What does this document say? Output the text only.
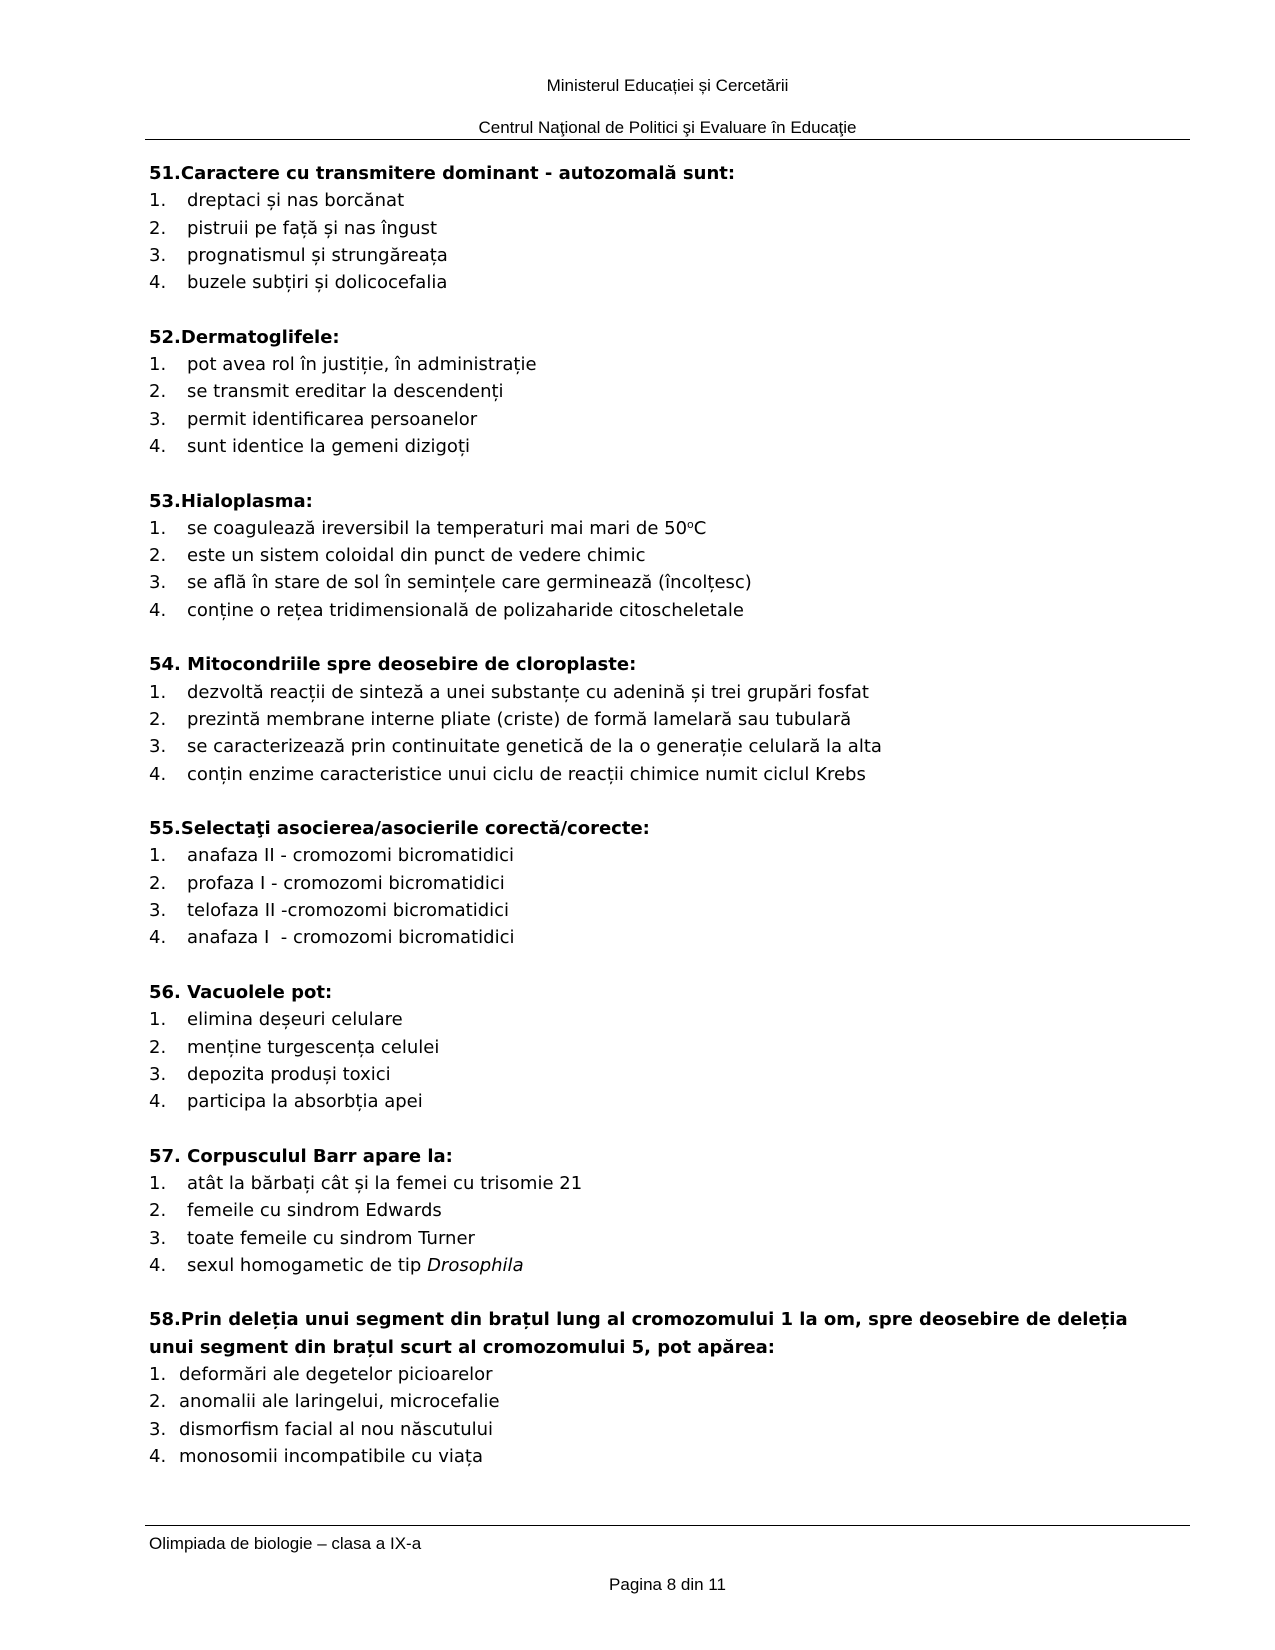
Ministerul Educației și Cercetării
Centrul Naţional de Politici şi Evaluare în Educaţie
51.Caractere cu transmitere dominant - autozomală sunt:
1.	dreptaci și nas borcănat
2.	pistruii pe față și nas îngust
3.	prognatismul și strungăreața
4.	buzele subțiri și dolicocefalia
52.Dermatoglifele:
1.	pot avea rol în justiție, în administrație
2.	se transmit ereditar la descendenți
3.	permit identificarea persoanelor
4.	sunt identice la gemeni dizigoți
53.Hialoplasma:
1.	se coagulează ireversibil la temperaturi mai mari de 50$^o$C
2.	este un sistem coloidal din punct de vedere chimic
3.	se află în stare de sol în semințele care germinează (încolțesc)
4.	conține o rețea tridimensională de polizaharide citoscheletale
54. Mitocondriile spre deosebire de cloroplaste:
1.	dezvoltă reacții de sinteză a unei substanțe cu adenină și trei grupări fosfat
2.	prezintă membrane interne pliate (criste) de formă lamelară sau tubulară
3.	se caracterizează prin continuitate genetică de la o generație celulară la alta
4.	conțin enzime caracteristice unui ciclu de reacții chimice numit ciclul Krebs
55.Selectaţi asocierea/asocierile corectă/corecte:
1.	anafaza II - cromozomi bicromatidici
2.	profaza I - cromozomi bicromatidici
3.	telofaza II -cromozomi bicromatidici
4.	anafaza I  - cromozomi bicromatidici
56. Vacuolele pot:
1.	elimina deșeuri celulare
2.	menține turgescența celulei
3.	depozita produși toxici
4.	participa la absorbția apei
57. Corpusculul Barr apare la:
1.	atât la bărbați cât și la femei cu trisomie 21
2.	femeile cu sindrom Edwards
3.	toate femeile cu sindrom Turner
4.	sexul homogametic de tip Drosophila
58.Prin deleția unui segment din brațul lung al cromozomului 1 la om, spre deosebire de deleția unui segment din brațul scurt al cromozomului 5, pot apărea:
1. deformări ale degetelor picioarelor
2. anomalii ale laringelui, microcefalie
3. dismorfism facial al nou născutului
4. monosomii incompatibile cu viața
Olimpiada de biologie – clasa a IX-a
Pagina 8 din 11
